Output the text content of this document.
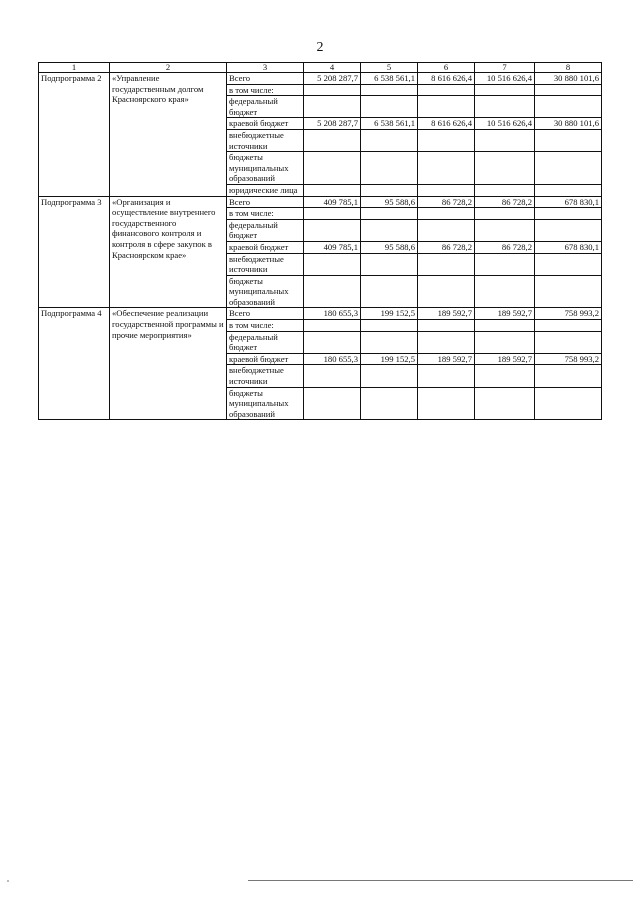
2
1	2	3	4	5	6	7	8
Подпрограмма 2	«Управление государственным долгом Красноярского края»	Всего	5 208 287,7	6 538 561,1	8 616 626,4	10 516 626,4	30 880 101,6
		в том числе:					
		федеральный бюджет					
		краевой бюджет	5 208 287,7	6 538 561,1	8 616 626,4	10 516 626,4	30 880 101,6
		внебюджетные источники					
		бюджеты муниципальных образований					
		юридические лица					
Подпрограмма 3	«Организация и осуществление внутреннего государственного финансового контроля и контроля в сфере закупок в Красноярском крае»	Всего	409 785,1	95 588,6	86 728,2	86 728,2	678 830,1
		в том числе:					
		федеральный бюджет					
		краевой бюджет	409 785,1	95 588,6	86 728,2	86 728,2	678 830,1
		внебюджетные источники					
		бюджеты муниципальных образований					
Подпрограмма 4	«Обеспечение реализации государственной программы и прочие мероприятия»	Всего	180 655,3	199 152,5	189 592,7	189 592,7	758 993,2
		в том числе:					
		федеральный бюджет					
		краевой бюджет	180 655,3	199 152,5	189 592,7	189 592,7	758 993,2
		внебюджетные источники					
		бюджеты муниципальных образований					
